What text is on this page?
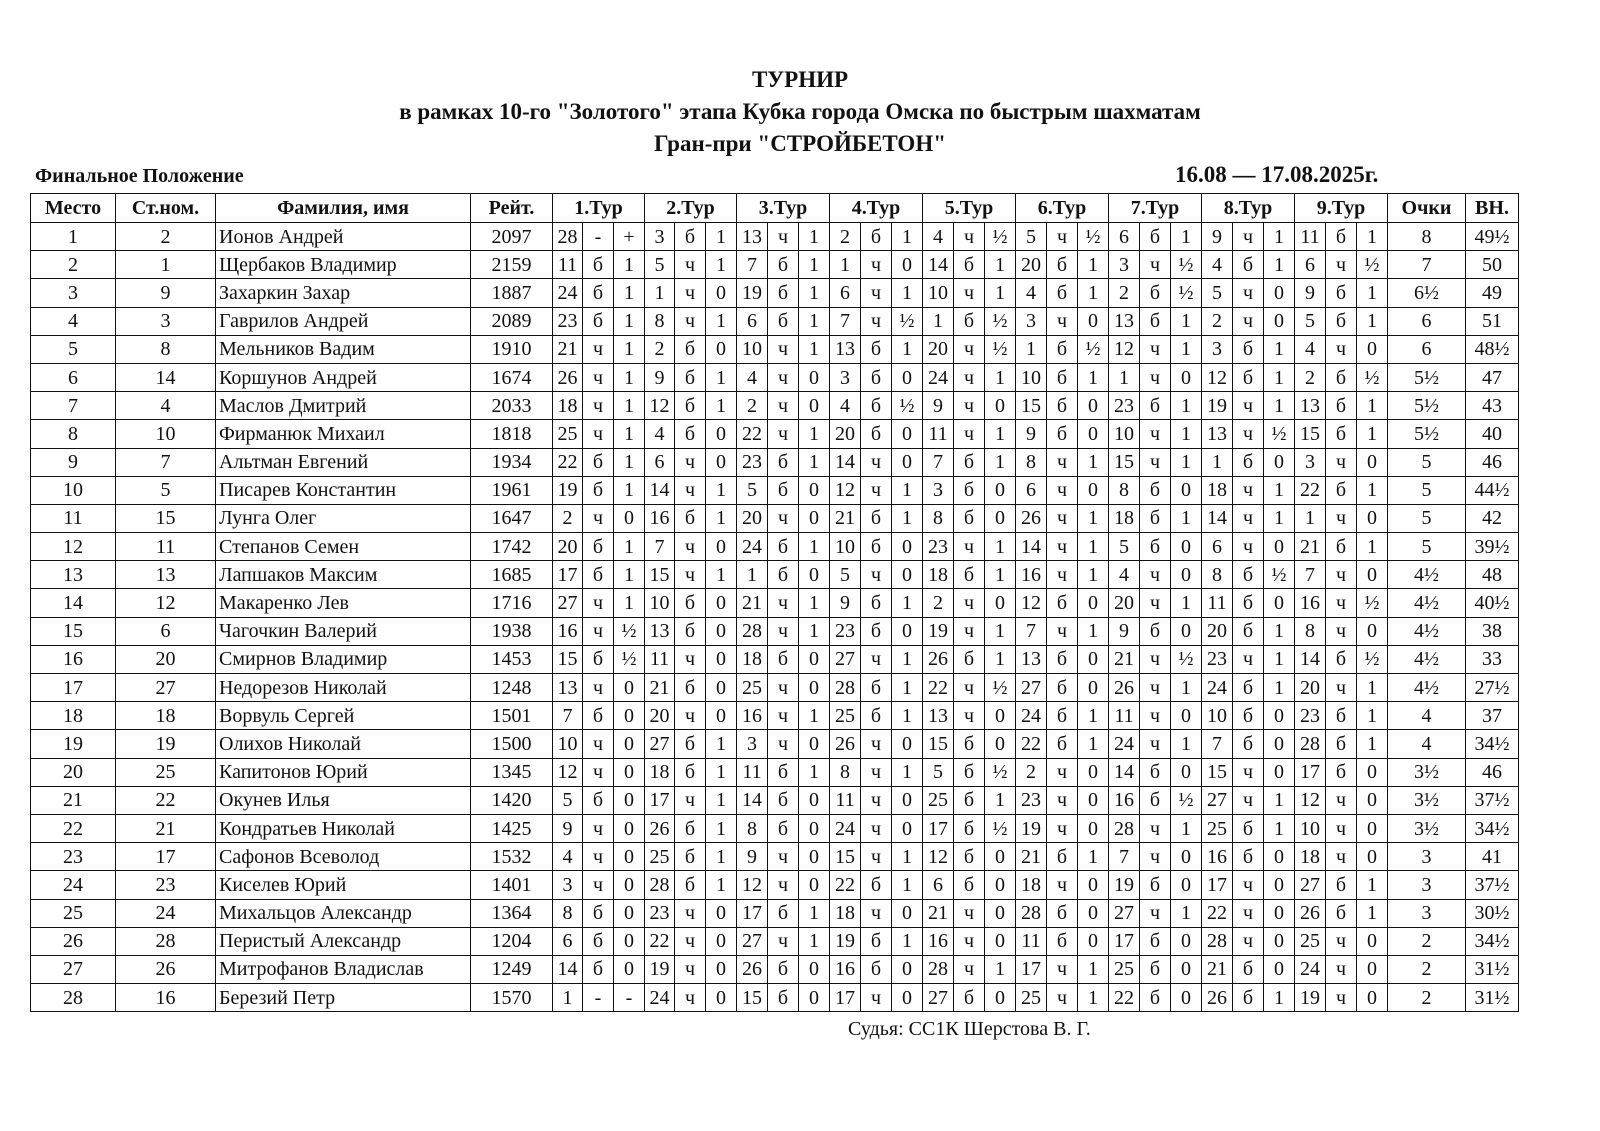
ТУРНИР
в рамках 10-го "Золотого" этапа Кубка города Омска по быстрым шахматам
Гран-при "СТРОЙБЕТОН"
Финальное Положение	16.08 — 17.08.2025г.
Место	Ст.ном.	Фамилия, имя	Рейт.	1.Тур			2.Тур			3.Тур			4.Тур			5.Тур			6.Тур			7.Тур			8.Тур			9.Тур			Очки	ВН.
1	2	Ионов Андрей	2097	28	-	+	3	б	1	13	ч	1	2	б	1	4	ч	½	5	ч	½	6	б	1	9	ч	1	11	б	1	8	49½
2	1	Щербаков Владимир	2159	11	б	1	5	ч	1	7	б	1	1	ч	0	14	б	1	20	б	1	3	ч	½	4	б	1	6	ч	½	7	50
3	9	Захаркин Захар	1887	24	б	1	1	ч	0	19	б	1	6	ч	1	10	ч	1	4	б	1	2	б	½	5	ч	0	9	б	1	6½	49
4	3	Гаврилов Андрей	2089	23	б	1	8	ч	1	6	б	1	7	ч	½	1	б	½	3	ч	0	13	б	1	2	ч	0	5	б	1	6	51
5	8	Мельников Вадим	1910	21	ч	1	2	б	0	10	ч	1	13	б	1	20	ч	½	1	б	½	12	ч	1	3	б	1	4	ч	0	6	48½
6	14	Коршунов Андрей	1674	26	ч	1	9	б	1	4	ч	0	3	б	0	24	ч	1	10	б	1	1	ч	0	12	б	1	2	б	½	5½	47
7	4	Маслов Дмитрий	2033	18	ч	1	12	б	1	2	ч	0	4	б	½	9	ч	0	15	б	0	23	б	1	19	ч	1	13	б	1	5½	43
8	10	Фирманюк Михаил	1818	25	ч	1	4	б	0	22	ч	1	20	б	0	11	ч	1	9	б	0	10	ч	1	13	ч	½	15	б	1	5½	40
9	7	Альтман Евгений	1934	22	б	1	6	ч	0	23	б	1	14	ч	0	7	б	1	8	ч	1	15	ч	1	1	б	0	3	ч	0	5	46
10	5	Писарев Константин	1961	19	б	1	14	ч	1	5	б	0	12	ч	1	3	б	0	6	ч	0	8	б	0	18	ч	1	22	б	1	5	44½
11	15	Лунга Олег	1647	2	ч	0	16	б	1	20	ч	0	21	б	1	8	б	0	26	ч	1	18	б	1	14	ч	1	1	ч	0	5	42
12	11	Степанов Семен	1742	20	б	1	7	ч	0	24	б	1	10	б	0	23	ч	1	14	ч	1	5	б	0	6	ч	0	21	б	1	5	39½
13	13	Лапшаков Максим	1685	17	б	1	15	ч	1	1	б	0	5	ч	0	18	б	1	16	ч	1	4	ч	0	8	б	½	7	ч	0	4½	48
14	12	Макаренко Лев	1716	27	ч	1	10	б	0	21	ч	1	9	б	1	2	ч	0	12	б	0	20	ч	1	11	б	0	16	ч	½	4½	40½
15	6	Чагочкин Валерий	1938	16	ч	½	13	б	0	28	ч	1	23	б	0	19	ч	1	7	ч	1	9	б	0	20	б	1	8	ч	0	4½	38
16	20	Смирнов Владимир	1453	15	б	½	11	ч	0	18	б	0	27	ч	1	26	б	1	13	б	0	21	ч	½	23	ч	1	14	б	½	4½	33
17	27	Недорезов Николай	1248	13	ч	0	21	б	0	25	ч	0	28	б	1	22	ч	½	27	б	0	26	ч	1	24	б	1	20	ч	1	4½	27½
18	18	Ворвуль Сергей	1501	7	б	0	20	ч	0	16	ч	1	25	б	1	13	ч	0	24	б	1	11	ч	0	10	б	0	23	б	1	4	37
19	19	Олихов Николай	1500	10	ч	0	27	б	1	3	ч	0	26	ч	0	15	б	0	22	б	1	24	ч	1	7	б	0	28	б	1	4	34½
20	25	Капитонов Юрий	1345	12	ч	0	18	б	1	11	б	1	8	ч	1	5	б	½	2	ч	0	14	б	0	15	ч	0	17	б	0	3½	46
21	22	Окунев Илья	1420	5	б	0	17	ч	1	14	б	0	11	ч	0	25	б	1	23	ч	0	16	б	½	27	ч	1	12	ч	0	3½	37½
22	21	Кондратьев Николай	1425	9	ч	0	26	б	1	8	б	0	24	ч	0	17	б	½	19	ч	0	28	ч	1	25	б	1	10	ч	0	3½	34½
23	17	Сафонов Всеволод	1532	4	ч	0	25	б	1	9	ч	0	15	ч	1	12	б	0	21	б	1	7	ч	0	16	б	0	18	ч	0	3	41
24	23	Киселев Юрий	1401	3	ч	0	28	б	1	12	ч	0	22	б	1	6	б	0	18	ч	0	19	б	0	17	ч	0	27	б	1	3	37½
25	24	Михальцов Александр	1364	8	б	0	23	ч	0	17	б	1	18	ч	0	21	ч	0	28	б	0	27	ч	1	22	ч	0	26	б	1	3	30½
26	28	Перистый Александр	1204	6	б	0	22	ч	0	27	ч	1	19	б	1	16	ч	0	11	б	0	17	б	0	28	ч	0	25	ч	0	2	34½
27	26	Митрофанов Владислав	1249	14	б	0	19	ч	0	26	б	0	16	б	0	28	ч	1	17	ч	1	25	б	0	21	б	0	24	ч	0	2	31½
28	16	Березий Петр	1570	1	-	-	24	ч	0	15	б	0	17	ч	0	27	б	0	25	ч	1	22	б	0	26	б	1	19	ч	0	2	31½
Судья: СС1К Шерстова В. Г.
